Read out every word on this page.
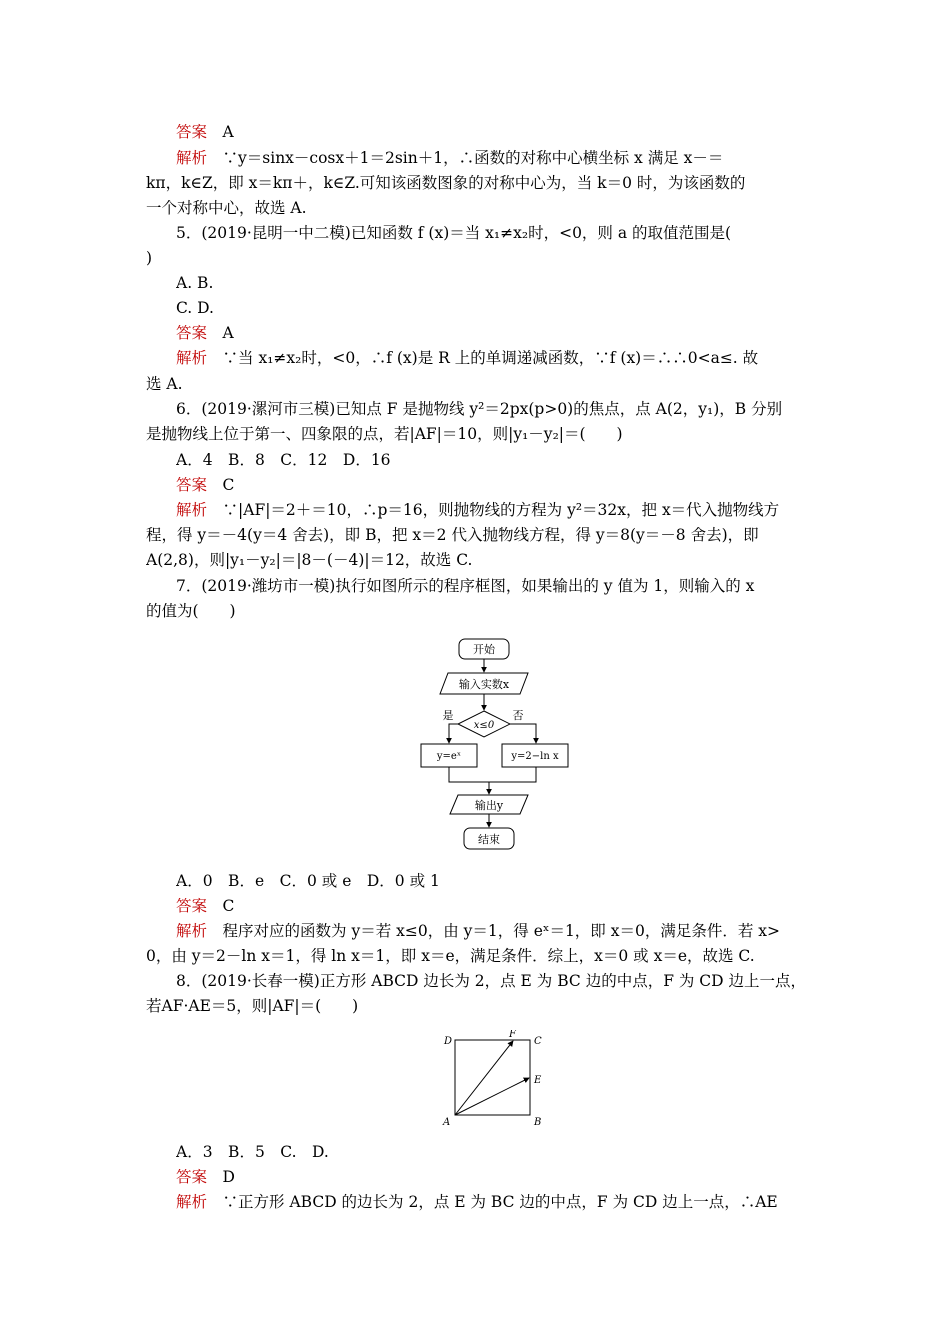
答案　 A
解析　 ∵y＝sinx－cosx＋1＝2sin＋1，∴函数的对称中心横坐标 x 满足 x－＝
kπ，k∈Z，即 x＝kπ＋，k∈Z.可知该函数图象的对称中心为，当 k＝0 时，为该函数的
一个对称中心，故选 A.
5．(2019·昆明一中二模)已知函数 f (x)＝当 x₁≠x₂时，<0，则 a 的取值范围是(
)
A. B.
C. D.
答案　 A
解析　 ∵当 x₁≠x₂时，<0，∴f (x)是 R 上的单调递减函数，∵f (x)＝∴∴0<a≤. 故
选 A.
6．(2019·漯河市三模)已知点 F 是抛物线 y²＝2px(p>0)的焦点，点 A(2，y₁)，B 分别
是抛物线上位于第一、四象限的点，若|AF|＝10，则|y₁－y₂|＝(　　)
A．4　B．8　C．12　D．16
答案　 C
解析　 ∵|AF|＝2＋＝10，∴p＝16，则抛物线的方程为 y²＝32x，把 x＝代入抛物线方
程，得 y＝－4(y＝4 舍去)，即 B，把 x＝2 代入抛物线方程，得 y＝8(y＝－8 舍去)，即
A(2,8)，则|y₁－y₂|＝|8－(－4)|＝12，故选 C.
7．(2019·潍坊市一模)执行如图所示的程序框图，如果输出的 y 值为 1，则输入的 x
的值为(　　)
开始
输入实数x
x≤0
是	否
y=eˣ	y=2−ln x
输出y
结束
A．0　B．e　C．0 或 e　D．0 或 1
答案　 C
解析　 程序对应的函数为 y＝若 x≤0，由 y＝1，得 eˣ＝1，即 x＝0，满足条件．若 x>
0，由 y＝2－ln x＝1，得 ln x＝1，即 x＝e，满足条件．综上，x＝0 或 x＝e，故选 C.
8．(2019·长春一模)正方形 ABCD 边长为 2，点 E 为 BC 边的中点，F 为 CD 边上一点，
若AF·AE＝5，则|AF|＝(　　)
D	C
F
E
A	B
A．3　B．5　C.　D.
答案　 D
解析　 ∵正方形 ABCD 的边长为 2，点 E 为 BC 边的中点，F 为 CD 边上一点，∴AE
